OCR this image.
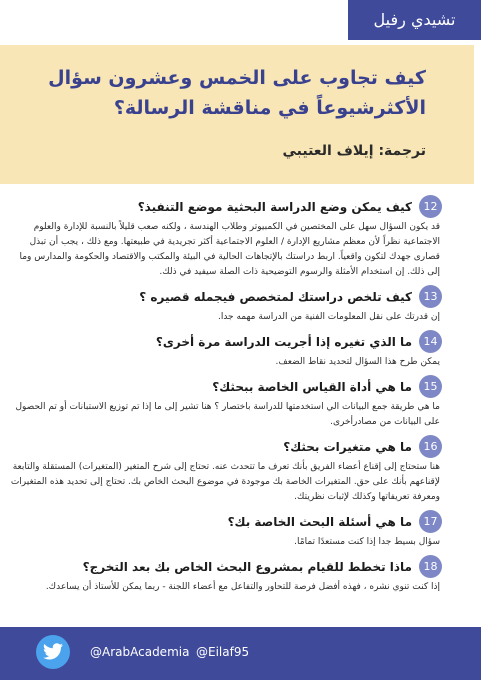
تشيدي رفيل
كيف تجاوب على الخمس وعشرون سؤال الأكثرشيوعاً في مناقشة الرسالة؟
ترجمة: إيلاف العتيبي
12
كيف يمكن وضع الدراسة البحثية موضع التنفيذ؟

قد يكون السؤال سهل على المختصين في الكمبيوتر وطلاب الهندسة ، ولكنه صعب قليلاً بالنسبة للإدارة والعلوم الاجتماعية نظراً لأن معظم مشاريع الإدارة / العلوم الاجتماعية أكثر تجريدية في طبيعتها. ومع ذلك ، يجب أن تبذل قصارى جهدك لتكون واقعياً. اربط دراستك بالإتجاهات الحالية في البيئة والمكتب والاقتصاد والحكومة والمدارس وما إلى ذلك. إن استخدام الأمثلة والرسوم التوضيحية ذات الصلة سيفيد في ذلك.

13
كيف تلخص دراستك لمتخصص فيجمله قصيره ؟

إن قدرتك على نقل المعلومات الفنية من الدراسة مهمه جدا.

14
ما الذي تغيره إذا أجريت الدراسة مرة أخرى؟

يمكن طرح هذا السؤال لتحديد نقاط الضعف.

15
ما هي أداة القياس الخاصة ببحثك؟

ما هي طريقة جمع البيانات الي استخدمتها للدراسة باختصار ؟ هنا تشير إلى ما إذا تم توزيع الاستبانات أو تم الحصول على البيانات من مصادرأخرى.

16
ما هي متغيرات بحثك؟

هنا ستحتاج إلى إقناع أعضاء الفريق بأنك تعرف ما تتحدث عنه. تحتاج إلى شرح المتغير (المتغيرات) المستقلة والتابعة لإقناعهم بأنك على حق. المتغيرات الخاصة بك موجودة في موضوع البحث الخاص بك. تحتاج إلى تحديد هذه المتغيرات ومعرفة تعريفاتها وكذلك لإثبات نظريتك.

17
ما هي أسئلة البحث الخاصة بك؟

سؤال بسيط جدا إذا كنت مستعدًا تمامًا.

18
ماذا تخطط للقيام بمشروع البحث الخاص بك بعد التخرج؟

إذا كنت تنوي نشره ، فهذه أفضل فرصة للتحاور والتفاعل مع أعضاء اللجنة - ربما يمكن للأستاذ أن يساعدك.

@ArabAcademia @Eilaf95
